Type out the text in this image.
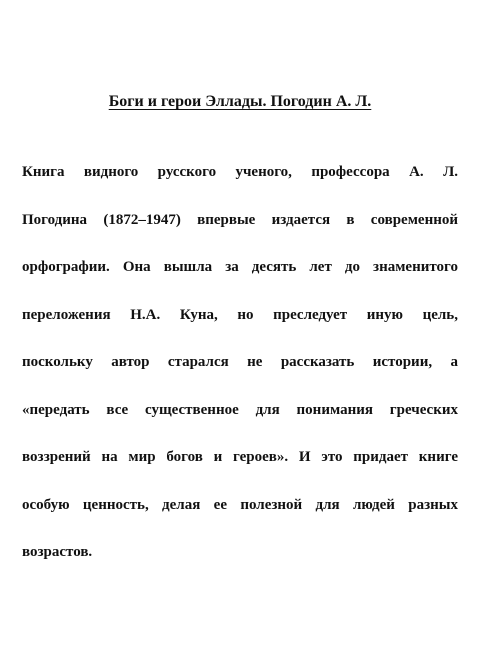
Боги и герои Эллады. Погодин А. Л.
Книга видного русского ученого, профессора А. Л.
Погодина (1872–1947) впервые издается в современной
орфографии. Она вышла за десять лет до знаменитого
переложения Н.А. Куна, но преследует иную цель,
поскольку автор старался не рассказать истории, а
«передать все существенное для понимания греческих
воззрений на мир богов и героев». И это придает книге
особую ценность, делая ее полезной для людей разных
возрастов.
